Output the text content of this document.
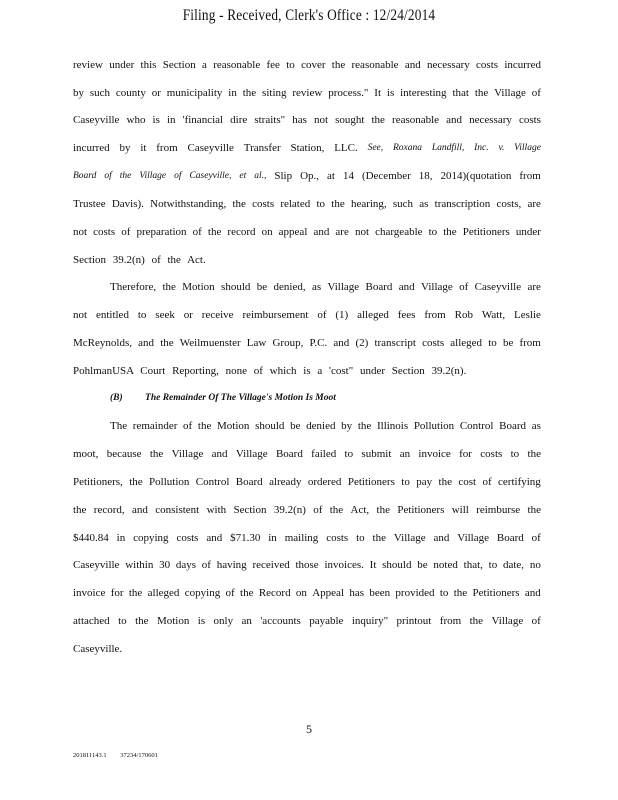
Filing - Received, Clerk's Office : 12/24/2014
review under this Section a reasonable fee to cover the reasonable and necessary costs incurred
by such county or municipality in the siting review process." It is interesting that the Village of
Caseyville who is in 'financial dire straits" has not sought the reasonable and necessary costs
incurred by it from Caseyville Transfer Station, LLC. See, Roxana Landfill, Inc. v. Village
Board of the Village of Caseyville, et al., Slip Op., at 14 (December 18, 2014)(quotation from
Trustee Davis). Notwithstanding, the costs related to the hearing, such as transcription costs, are
not costs of preparation of the record on appeal and are not chargeable to the Petitioners under
Section 39.2(n) of the Act.
Therefore, the Motion should be denied, as Village Board and Village of Caseyville are
not entitled to seek or receive reimbursement of (1) alleged fees from Rob Watt, Leslie
McReynolds, and the Weilmuenster Law Group, P.C. and (2) transcript costs alleged to be from
PohlmanUSA Court Reporting, none of which is a 'cost" under Section 39.2(n).
The remainder of the Motion should be denied by the Illinois Pollution Control Board as
moot, because the Village and Village Board failed to submit an invoice for costs to the
Petitioners, the Pollution Control Board already ordered Petitioners to pay the cost of certifying
the record, and consistent with Section 39.2(n) of the Act, the Petitioners will reimburse the
$440.84 in copying costs and $71.30 in mailing costs to the Village and Village Board of
Caseyville within 30 days of having received those invoices. It should be noted that, to date, no
invoice for the alleged copying of the Record on Appeal has been provided to the Petitioners and
attached to the Motion is only an 'accounts payable inquiry" printout from the Village of
Caseyville.
(B) The Remainder Of The Village's Motion Is Moot
5
201811143.1 37234/170601
